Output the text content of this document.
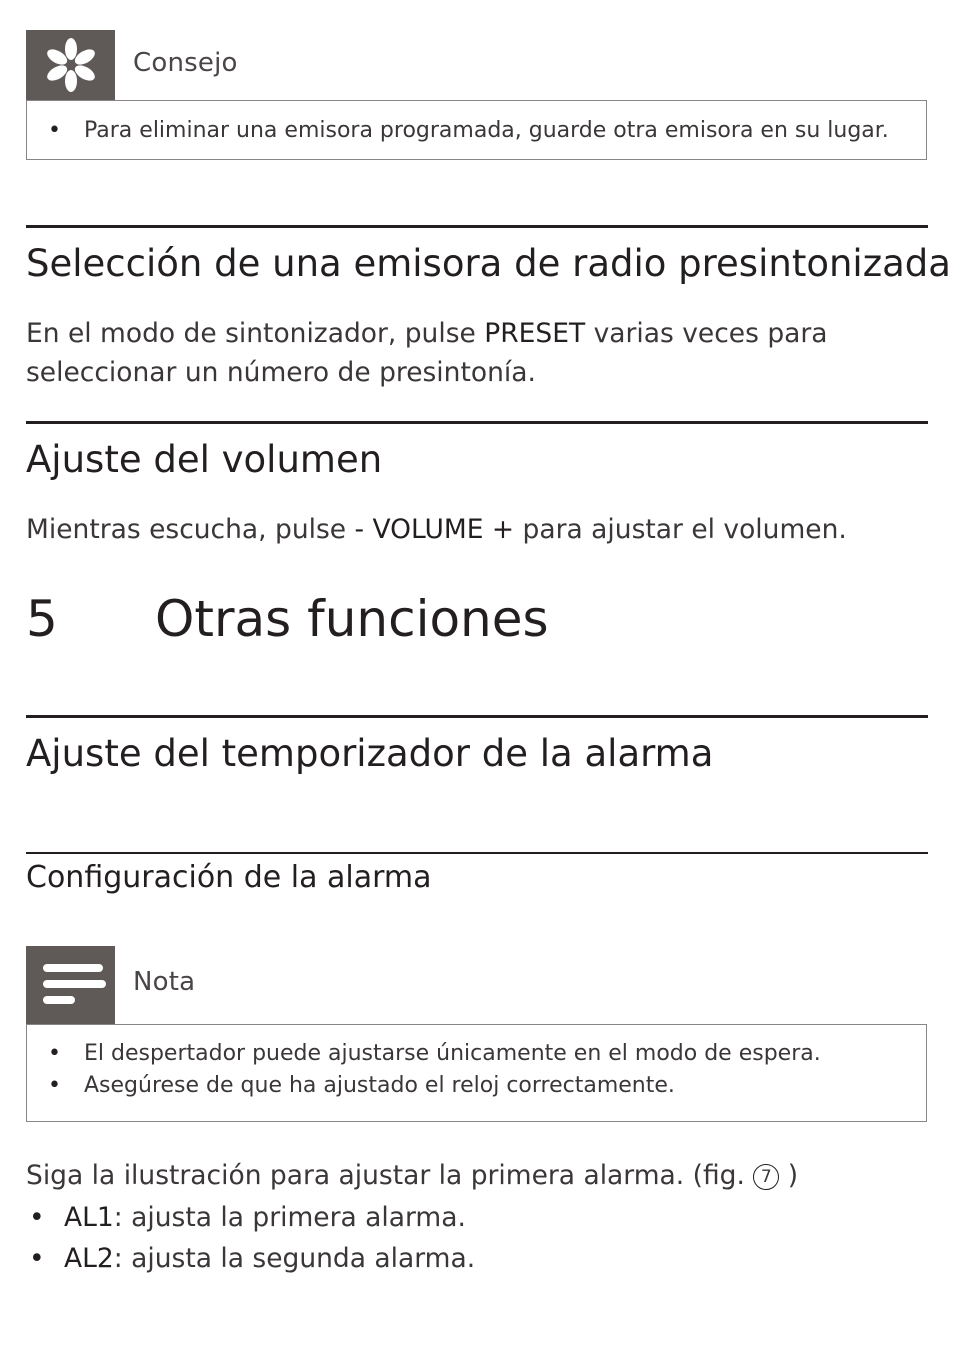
Consejo
• Para eliminar una emisora programada, guarde otra emisora en su lugar.
Selección de una emisora de radio presintonizada

En el modo de sintonizador, pulse PRESET varias veces para seleccionar un número de presintonía.

Ajuste del volumen

Mientras escucha, pulse - VOLUME + para ajustar el volumen.

5 Otras funciones
Ajuste del temporizador de la alarma
Configuración de la alarma
Nota
• El despertador puede ajustarse únicamente en el modo de espera.
• Asegúrese de que ha ajustado el reloj correctamente.

Siga la ilustración para ajustar la primera alarma. (fig. 7 )

• AL1: ajusta la primera alarma.
• AL2: ajusta la segunda alarma.
